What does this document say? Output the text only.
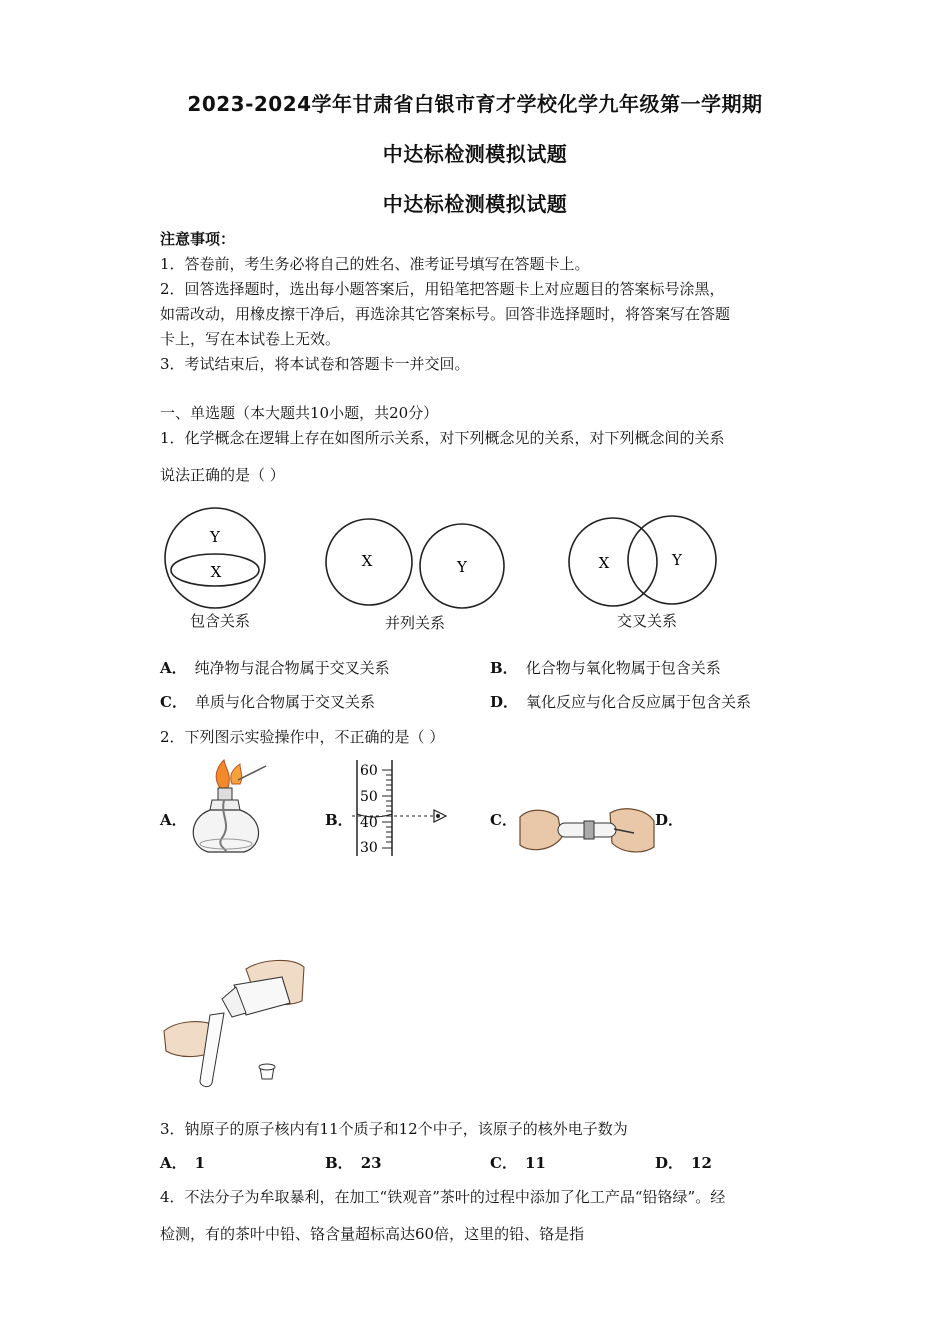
2023-2024学年甘肃省白银市育才学校化学九年级第一学期期
中达标检测模拟试题
中达标检测模拟试题
注意事项：
1．答卷前，考生务必将自己的姓名、准考证号填写在答题卡上。
2．回答选择题时，选出每小题答案后，用铅笔把答题卡上对应题目的答案标号涂黑，
如需改动，用橡皮擦干净后，再选涂其它答案标号。回答非选择题时，将答案写在答题
卡上，写在本试卷上无效。
3．考试结束后，将本试卷和答题卡一并交回。
一、单选题（本大题共10小题，共20分）
1．化学概念在逻辑上存在如图所示关系，对下列概念见的关系，对下列概念间的关系
说法正确的是（ ）
Y
X
X	Y	X	Y
包含关系	并列关系	交叉关系
A． 纯净物与混合物属于交叉关系	B． 化合物与氧化物属于包含关系
C． 单质与化合物属于交叉关系	D． 氧化反应与化合反应属于包含关系
2．下列图示实验操作中，不正确的是（ ）
A．	B．	C．	D．
60
50
40
30
3．钠原子的原子核内有11个质子和12个中子，该原子的核外电子数为
A． 1	B． 23	C． 11	D． 12
4．不法分子为牟取暴利，在加工“铁观音”茶叶的过程中添加了化工产品“铅铬绿”。经
检测，有的茶叶中铅、铬含量超标高达60倍，这里的铅、铬是指
